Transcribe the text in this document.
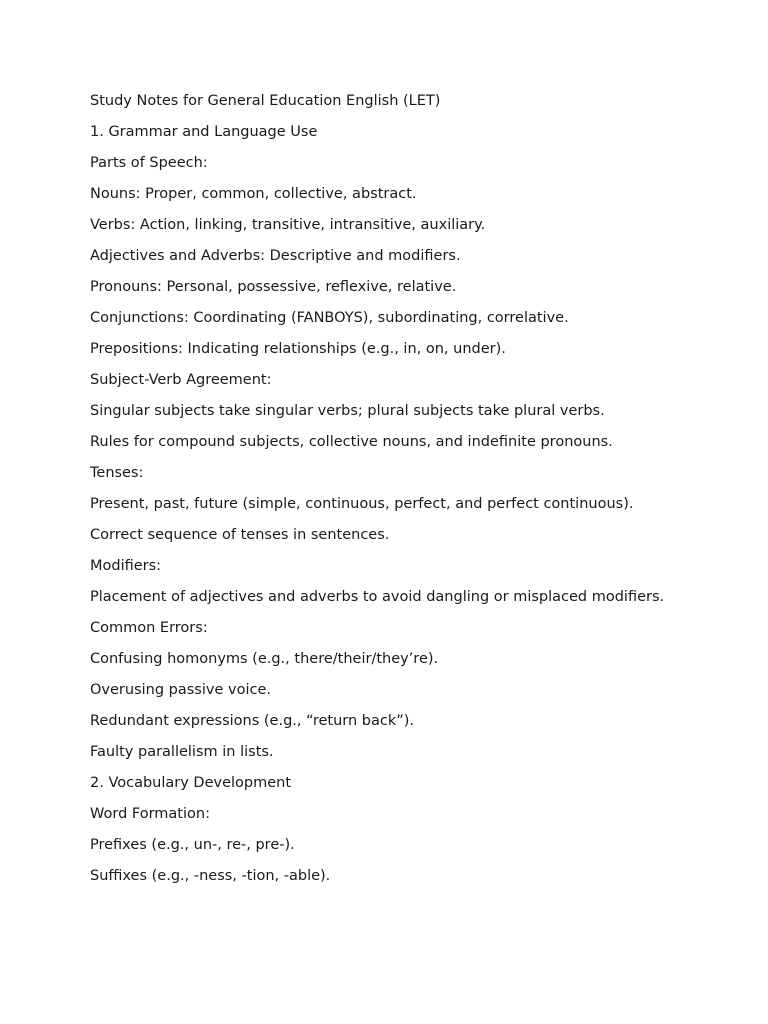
Study Notes for General Education English (LET)

1. Grammar and Language Use

Parts of Speech:

Nouns: Proper, common, collective, abstract.

Verbs: Action, linking, transitive, intransitive, auxiliary.

Adjectives and Adverbs: Descriptive and modifiers.

Pronouns: Personal, possessive, reflexive, relative.

Conjunctions: Coordinating (FANBOYS), subordinating, correlative.

Prepositions: Indicating relationships (e.g., in, on, under).

Subject-Verb Agreement:

Singular subjects take singular verbs; plural subjects take plural verbs.

Rules for compound subjects, collective nouns, and indefinite pronouns.

Tenses:

Present, past, future (simple, continuous, perfect, and perfect continuous).

Correct sequence of tenses in sentences.

Modifiers:

Placement of adjectives and adverbs to avoid dangling or misplaced modifiers.

Common Errors:

Confusing homonyms (e.g., there/their/they’re).

Overusing passive voice.

Redundant expressions (e.g., “return back”).

Faulty parallelism in lists.

2. Vocabulary Development

Word Formation:

Prefixes (e.g., un-, re-, pre-).

Suffixes (e.g., -ness, -tion, -able).
